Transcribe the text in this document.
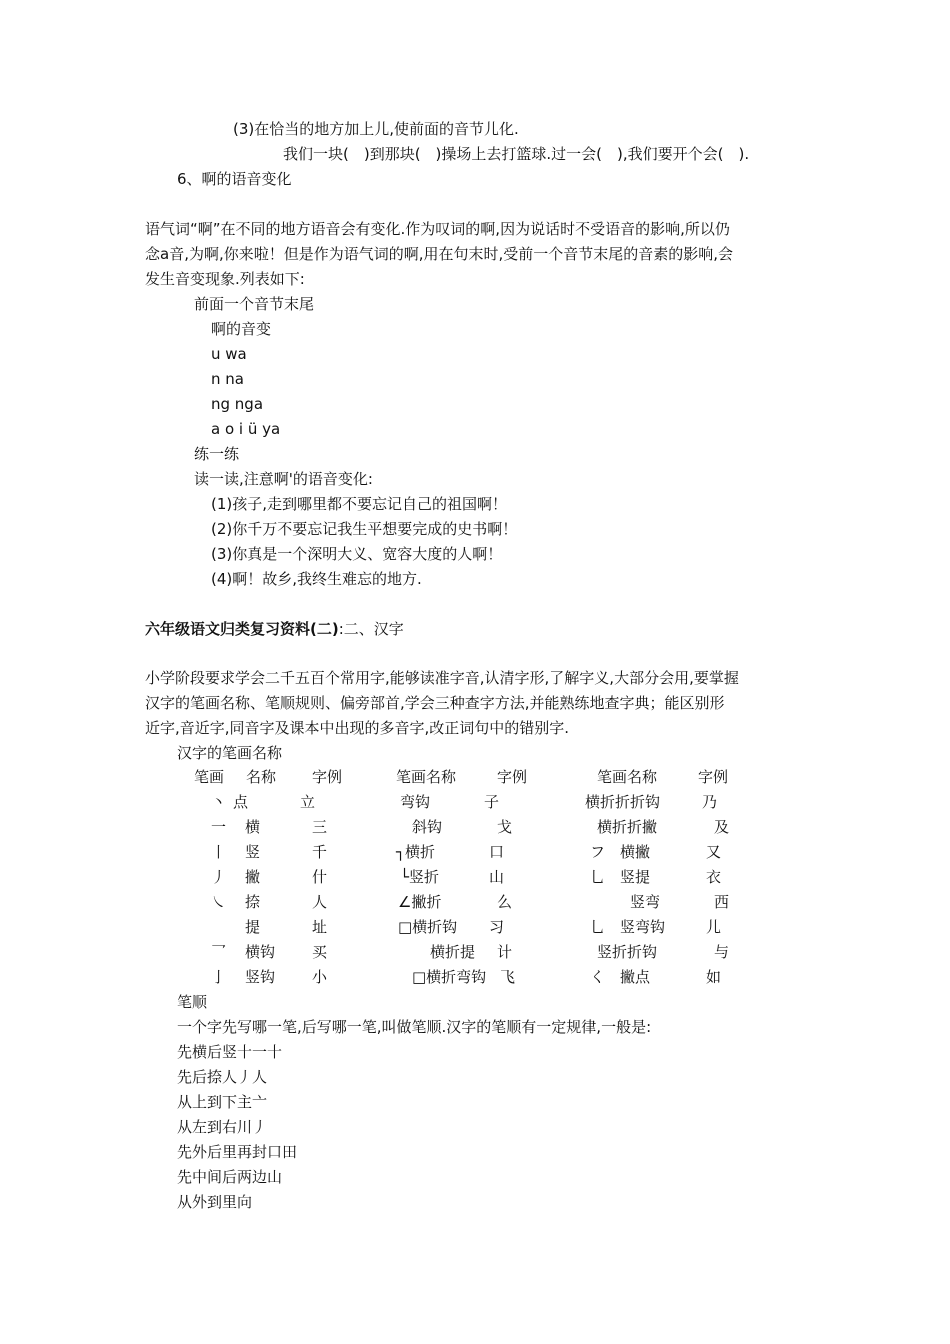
(3)在恰当的地方加上儿,使前面的音节儿化.
我们一块(　)到那块(　)操场上去打篮球.过一会(　),我们要开个会(　).
6、啊的语音变化
语气词“啊”在不同的地方语音会有变化.作为叹词的啊,因为说话时不受语音的影响,所以仍
念a音,为啊,你来啦！但是作为语气词的啊,用在句末时,受前一个音节末尾的音素的影响,会
发生音变现象.列表如下:
前面一个音节末尾
啊的音变
u wa
n na
ng nga
a o i ü ya
练一练
读一读,注意啊'的语音变化:
(1)孩子,走到哪里都不要忘记自己的祖国啊！
(2)你千万不要忘记我生平想要完成的史书啊！
(3)你真是一个深明大义、宽容大度的人啊！
(4)啊！故乡,我终生难忘的地方.
六年级语文归类复习资料(二):二、汉字
小学阶段要求学会二千五百个常用字,能够读准字音,认清字形,了解字义,大部分会用,要掌握
汉字的笔画名称、笔顺规则、偏旁部首,学会三种查字方法,并能熟练地查字典；能区别形
近字,音近字,同音字及课本中出现的多音字,改正词句中的错别字.
汉字的笔画名称
笔画 名称 字例	笔画名称	字例	笔画名称	字例
丶 点	立	弯钩	子	横折折折钩	乃
一 横	三	斜钩	戈	横折折撇	及
丨 竖	千	┐横折	口	フ　横撇	又
丿 撇	什	└竖折	山	乚　竖提	衣
㇏ 捺	人	∠撇折	么	竖弯	西
提	址	□横折钩 习	乚　竖弯钩	儿
乛 横钩 买	横折提 计	竖折折钩	与
亅 竖钩 小	□横折弯钩 飞	く　撇点	如
笔顺
一个字先写哪一笔,后写哪一笔,叫做笔顺.汉字的笔顺有一定规律,一般是:
先横后竖十一十
先后捺人丿人
从上到下主亠
从左到右川丿
先外后里再封口田
先中间后两边山
从外到里向
